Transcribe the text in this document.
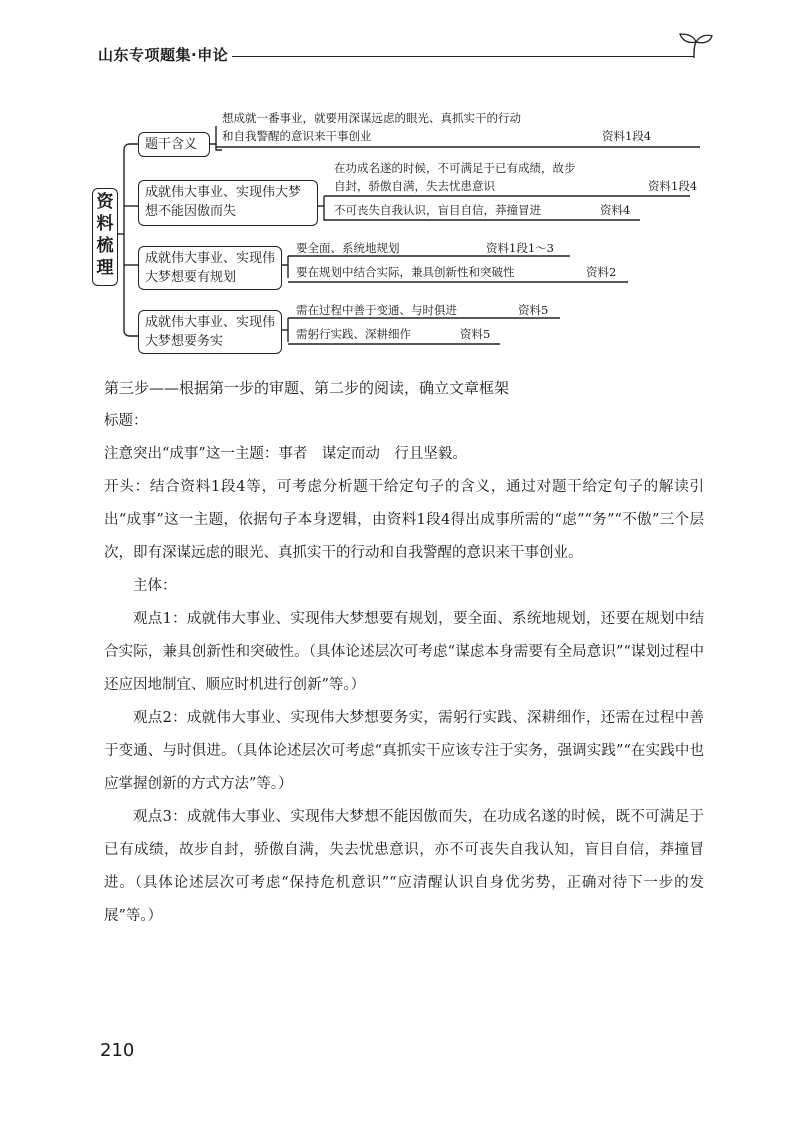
山东专项题集·申论
资料梳理
题干含义
想成就一番事业，就要用深谋远虑的眼光、真抓实干的行动
和自我警醒的意识来干事创业	资料1段4
成就伟大事业、实现伟大梦想不能因傲而失
在功成名遂的时候，不可满足于已有成绩，故步
自封，骄傲自满，失去忧患意识	资料1段4
不可丧失自我认识，盲目自信，莽撞冒进	资料4
成就伟大事业、实现伟大梦想要有规划
要全面、系统地规划	资料1段1～3
要在规划中结合实际，兼具创新性和突破性	资料2
成就伟大事业、实现伟大梦想要务实
需在过程中善于变通、与时俱进	资料5
需躬行实践、深耕细作	资料5

第三步——根据第一步的审题、第二步的阅读，确立文章框架

标题：

注意突出“成事”这一主题：事者　谋定而动　行且坚毅。

开头：结合资料1段4等，可考虑分析题干给定句子的含义，通过对题干给定句子的解读引出“成事”这一主题，依据句子本身逻辑，由资料1段4得出成事所需的“虑”“务”“不傲”三个层次，即有深谋远虑的眼光、真抓实干的行动和自我警醒的意识来干事创业。

主体：

观点1：成就伟大事业、实现伟大梦想要有规划，要全面、系统地规划，还要在规划中结合实际，兼具创新性和突破性。（具体论述层次可考虑“谋虑本身需要有全局意识”“谋划过程中还应因地制宜、顺应时机进行创新”等。）

观点2：成就伟大事业、实现伟大梦想要务实，需躬行实践、深耕细作，还需在过程中善于变通、与时俱进。（具体论述层次可考虑“真抓实干应该专注于实务，强调实践”“在实践中也应掌握创新的方式方法”等。）

观点3：成就伟大事业、实现伟大梦想不能因傲而失，在功成名遂的时候，既不可满足于已有成绩，故步自封，骄傲自满，失去忧患意识，亦不可丧失自我认知，盲目自信，莽撞冒进。（具体论述层次可考虑“保持危机意识”“应清醒认识自身优劣势，正确对待下一步的发展”等。）

210
